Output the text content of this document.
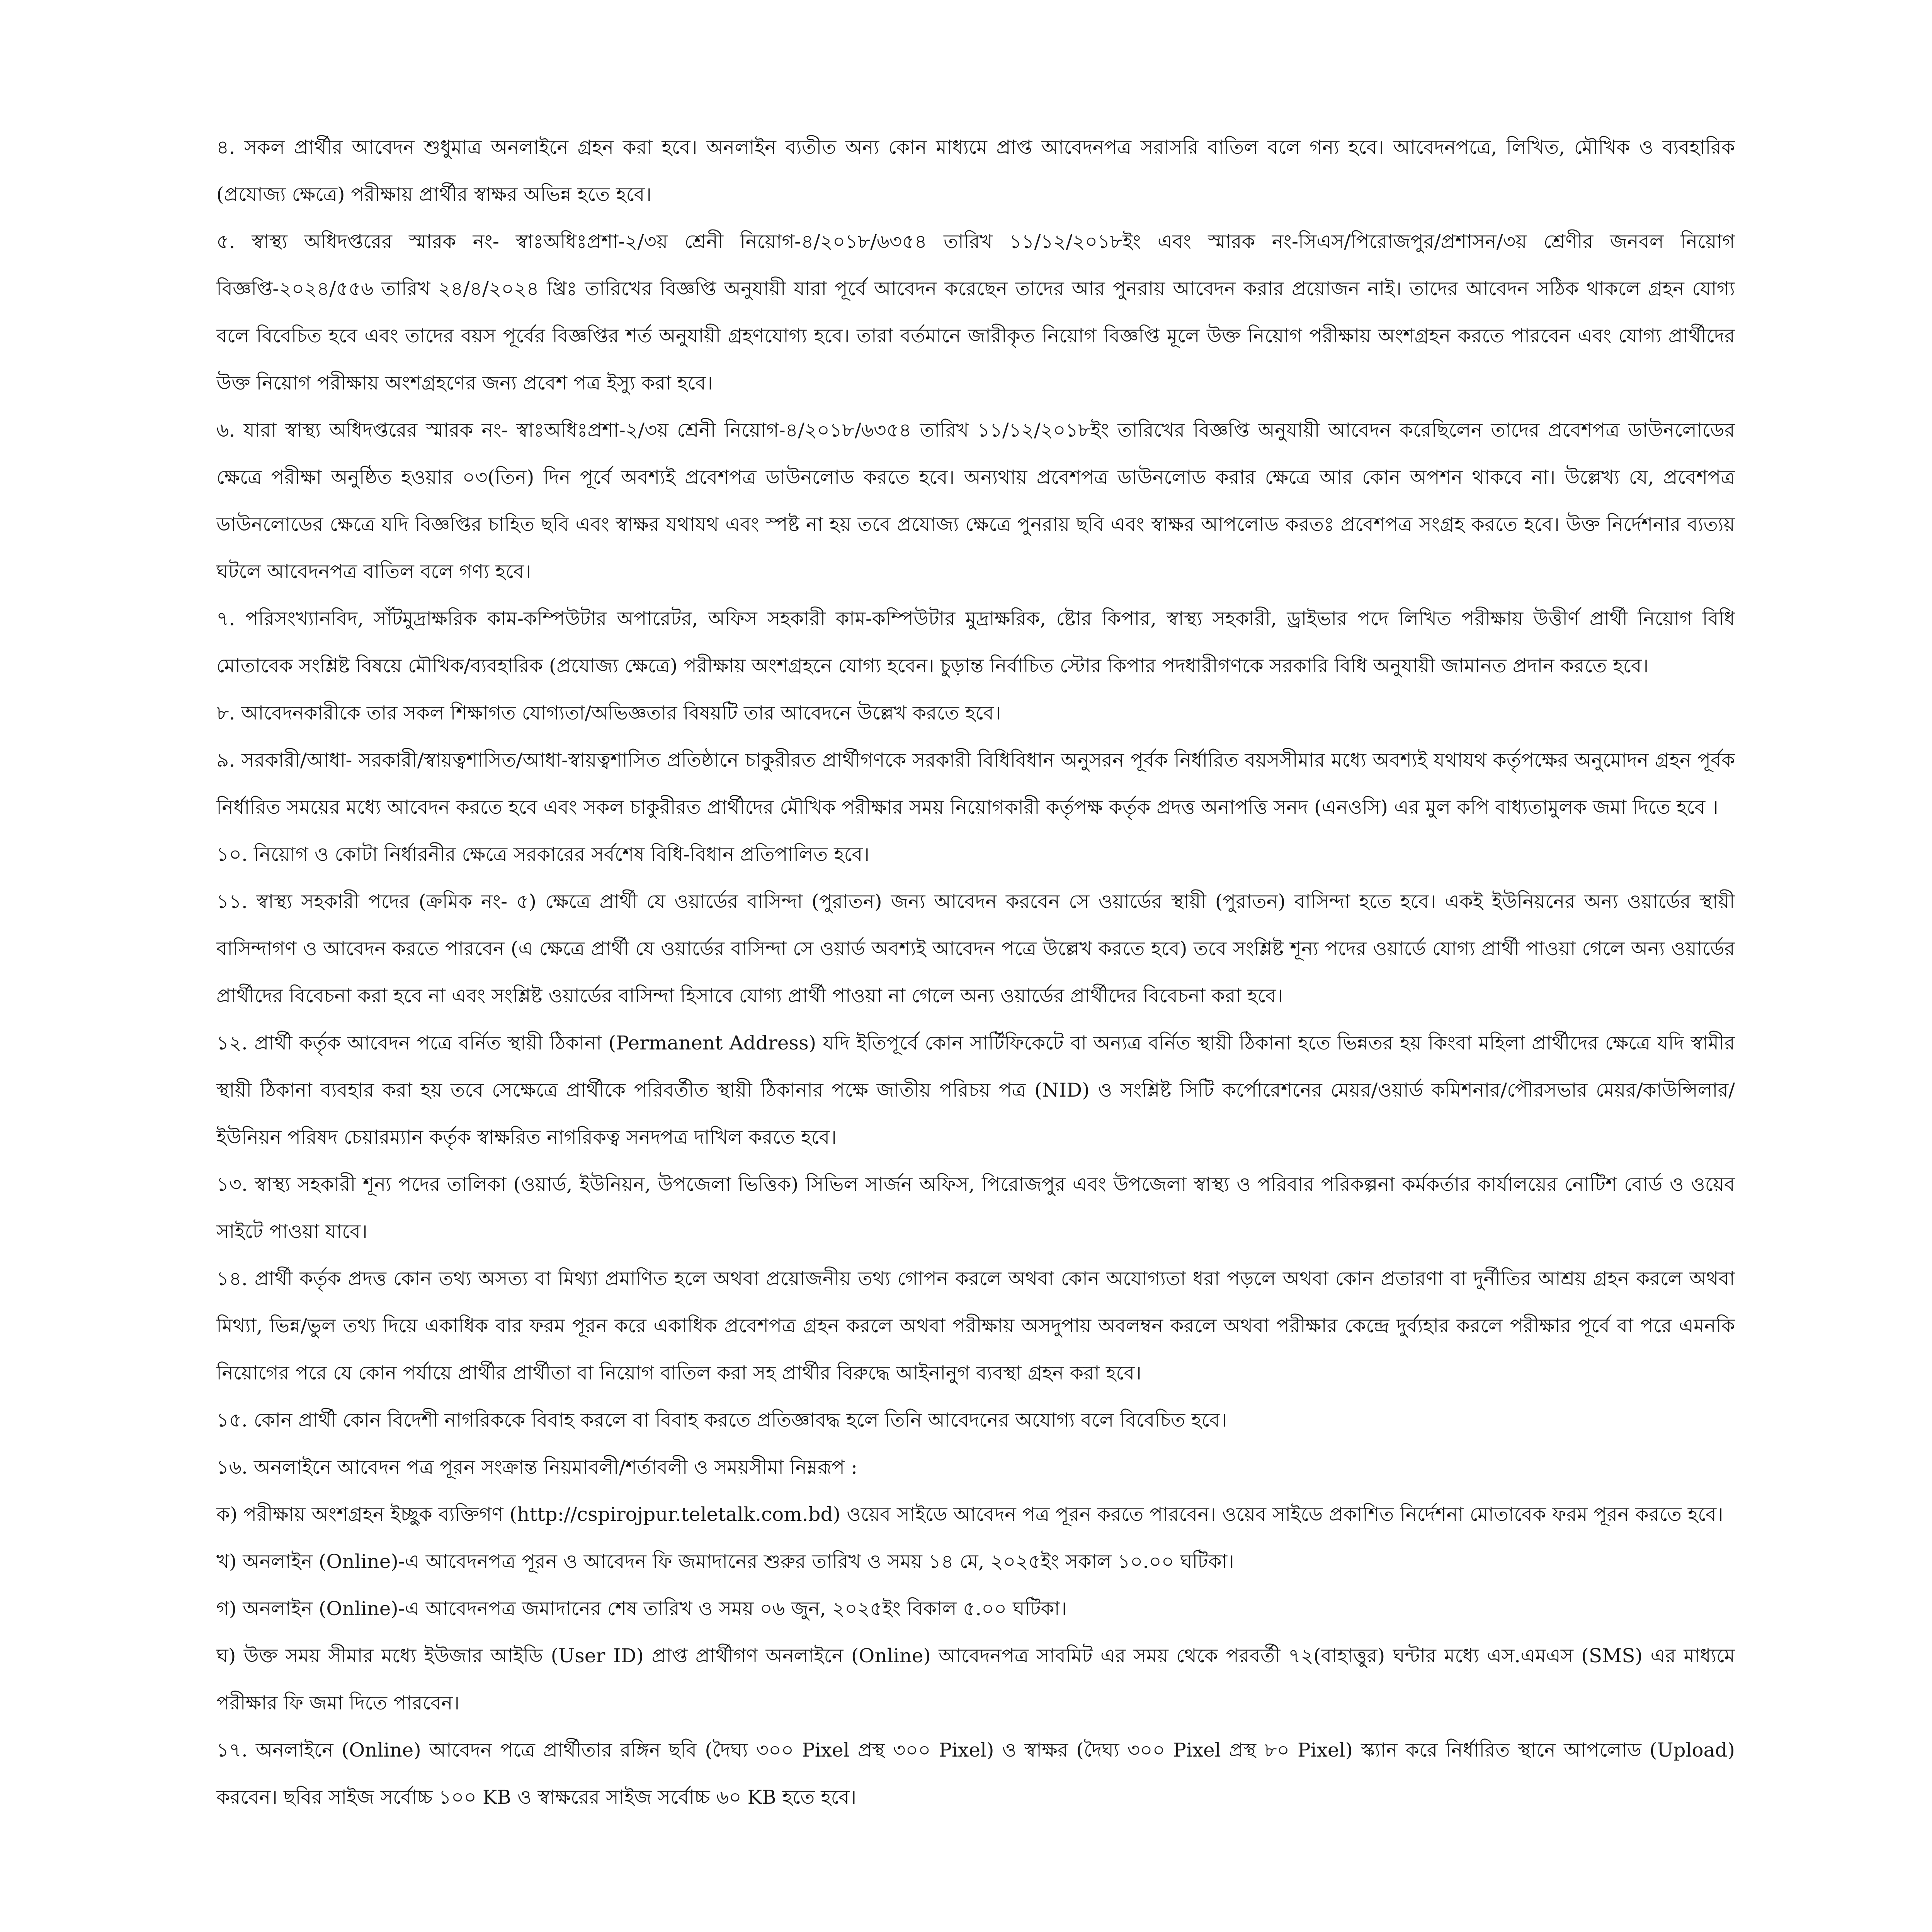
৪. সকল প্রার্থীর আবেদন শুধুমাত্র অনলাইনে গ্রহন করা হবে। অনলাইন ব্যতীত অন্য কোন মাধ্যমে প্রাপ্ত আবেদনপত্র সরাসরি বাতিল বলে গন্য হবে। আবেদনপত্রে, লিখিত, মৌখিক ও ব্যবহারিক (প্রযোজ্য ক্ষেত্রে) পরীক্ষায় প্রার্থীর স্বাক্ষর অভিন্ন হতে হবে।

৫. স্বাস্থ্য অধিদপ্তরের স্মারক নং- স্বাঃঅধিঃপ্রশা-২/৩য় শ্রেনী নিয়োগ-৪/২০১৮/৬৩৫৪ তারিখ ১১/১২/২০১৮ইং এবং স্মারক নং-সিএস/পিরোজপুর/প্রশাসন/৩য় শ্রেণীর জনবল নিয়োগ বিজ্ঞপ্তি-২০২৪/৫৫৬ তারিখ ২৪/৪/২০২৪ খ্রিঃ তারিখের বিজ্ঞপ্তি অনুযায়ী যারা পূর্বে আবেদন করেছেন তাদের আর পুনরায় আবেদন করার প্রয়োজন নাই। তাদের আবেদন সঠিক থাকলে গ্রহন যোগ্য বলে বিবেচিত হবে এবং তাদের বয়স পূর্বের বিজ্ঞপ্তির শর্ত অনুযায়ী গ্রহণযোগ্য হবে। তারা বর্তমানে জারীকৃত নিয়োগ বিজ্ঞপ্তি মূলে উক্ত নিয়োগ পরীক্ষায় অংশগ্রহন করতে পারবেন এবং যোগ্য প্রার্থীদের উক্ত নিয়োগ পরীক্ষায় অংশগ্রহণের জন্য প্রবেশ পত্র ইস্যু করা হবে।

৬. যারা স্বাস্থ্য অধিদপ্তরের স্মারক নং- স্বাঃঅধিঃপ্রশা-২/৩য় শ্রেনী নিয়োগ-৪/২০১৮/৬৩৫৪ তারিখ ১১/১২/২০১৮ইং তারিখের বিজ্ঞপ্তি অনুযায়ী আবেদন করেছিলেন তাদের প্রবেশপত্র ডাউনলোডের ক্ষেত্রে পরীক্ষা অনুষ্ঠিত হওয়ার ০৩(তিন) দিন পূর্বে অবশ্যই প্রবেশপত্র ডাউনলোড করতে হবে। অন্যথায় প্রবেশপত্র ডাউনলোড করার ক্ষেত্রে আর কোন অপশন থাকবে না। উল্লেখ্য যে, প্রবেশপত্র ডাউনলোডের ক্ষেত্রে যদি বিজ্ঞপ্তির চাহিত ছবি এবং স্বাক্ষর যথাযথ এবং স্পষ্ট না হয় তবে প্রযোজ্য ক্ষেত্রে পুনরায় ছবি এবং স্বাক্ষর আপলোড করতঃ প্রবেশপত্র সংগ্রহ করতে হবে। উক্ত নির্দেশনার ব্যত্যয় ঘটলে আবেদনপত্র বাতিল বলে গণ্য হবে।

৭. পরিসংখ্যানবিদ, সাঁটমুদ্রাক্ষরিক কাম-কম্পিউটার অপারেটর, অফিস সহকারী কাম-কম্পিউটার মুদ্রাক্ষরিক, ষ্টোর কিপার, স্বাস্থ্য সহকারী, ড্রাইভার পদে লিখিত পরীক্ষায় উত্তীর্ণ প্রার্থী নিয়োগ বিধি মোতাবেক সংশ্লিষ্ট বিষয়ে মৌখিক/ব্যবহারিক (প্রযোজ্য ক্ষেত্রে) পরীক্ষায় অংশগ্রহনে যোগ্য হবেন। চুড়ান্ত নির্বাচিত স্টোর কিপার পদধারীগণকে সরকারি বিধি অনুযায়ী জামানত প্রদান করতে হবে।

৮. আবেদনকারীকে তার সকল শিক্ষাগত যোগ্যতা/অভিজ্ঞতার বিষয়টি তার আবেদনে উল্লেখ করতে হবে।

৯. সরকারী/আধা- সরকারী/স্বায়ত্বশাসিত/আধা-স্বায়ত্বশাসিত প্রতিষ্ঠানে চাকুরীরত প্রার্থীগণকে সরকারী বিধিবিধান অনুসরন পূর্বক নির্ধারিত বয়সসীমার মধ্যে অবশ্যই যথাযথ কর্তৃপক্ষের অনুমোদন গ্রহন পূর্বক নির্ধারিত সময়ের মধ্যে আবেদন করতে হবে এবং সকল চাকুরীরত প্রার্থীদের মৌখিক পরীক্ষার সময় নিয়োগকারী কর্তৃপক্ষ কর্তৃক প্রদত্ত অনাপত্তি সনদ (এনওসি) এর মুল কপি বাধ্যতামুলক জমা দিতে হবে ।

১০. নিয়োগ ও কোটা নির্ধারনীর ক্ষেত্রে সরকারের সর্বশেষ বিধি-বিধান প্রতিপালিত হবে।

১১. স্বাস্থ্য সহকারী পদের (ক্রমিক নং- ৫) ক্ষেত্রে প্রার্থী যে ওয়ার্ডের বাসিন্দা (পুরাতন) জন্য আবেদন করবেন সে ওয়ার্ডের স্থায়ী (পুরাতন) বাসিন্দা হতে হবে। একই ইউনিয়নের অন্য ওয়ার্ডের স্থায়ী বাসিন্দাগণ ও আবেদন করতে পারবেন (এ ক্ষেত্রে প্রার্থী যে ওয়ার্ডের বাসিন্দা সে ওয়ার্ড অবশ্যই আবেদন পত্রে উল্লেখ করতে হবে) তবে সংশ্লিষ্ট শূন্য পদের ওয়ার্ডে যোগ্য প্রার্থী পাওয়া গেলে অন্য ওয়ার্ডের প্রার্থীদের বিবেচনা করা হবে না এবং সংশ্লিষ্ট ওয়ার্ডের বাসিন্দা হিসাবে যোগ্য প্রার্থী পাওয়া না গেলে অন্য ওয়ার্ডের প্রার্থীদের বিবেচনা করা হবে।

১২. প্রার্থী কর্তৃক আবেদন পত্রে বর্নিত স্থায়ী ঠিকানা (Permanent Address) যদি ইতিপূর্বে কোন সার্টিফিকেটে বা অন্যত্র বর্নিত স্থায়ী ঠিকানা হতে ভিন্নতর হয় কিংবা মহিলা প্রার্থীদের ক্ষেত্রে যদি স্বামীর স্থায়ী ঠিকানা ব্যবহার করা হয় তবে সেক্ষেত্রে প্রার্থীকে পরিবর্তীত স্থায়ী ঠিকানার পক্ষে জাতীয় পরিচয় পত্র (NID) ও সংশ্লিষ্ট সিটি কর্পোরেশনের মেয়র/ওয়ার্ড কমিশনার/পৌরসভার মেয়র/কাউন্সিলার/ইউনিয়ন পরিষদ চেয়ারম্যান কর্তৃক স্বাক্ষরিত নাগরিকত্ব সনদপত্র দাখিল করতে হবে।

১৩. স্বাস্থ্য সহকারী শূন্য পদের তালিকা (ওয়ার্ড, ইউনিয়ন, উপজেলা ভিত্তিক) সিভিল সার্জন অফিস, পিরোজপুর এবং উপজেলা স্বাস্থ্য ও পরিবার পরিকল্পনা কর্মকর্তার কার্যালয়ের নোটিশ বোর্ড ও ওয়েব সাইটে পাওয়া যাবে।

১৪. প্রার্থী কর্তৃক প্রদত্ত কোন তথ্য অসত্য বা মিথ্যা প্রমাণিত হলে অথবা প্রয়োজনীয় তথ্য গোপন করলে অথবা কোন অযোগ্যতা ধরা পড়লে অথবা কোন প্রতারণা বা দুর্নীতির আশ্রয় গ্রহন করলে অথবা মিথ্যা, ভিন্ন/ভুল তথ্য দিয়ে একাধিক বার ফরম পূরন করে একাধিক প্রবেশপত্র গ্রহন করলে অথবা পরীক্ষায় অসদুপায় অবলম্বন করলে অথবা পরীক্ষার কেন্দ্রে দুর্ব্যহার করলে পরীক্ষার পূর্বে বা পরে এমনকি নিয়োগের পরে যে কোন পর্যায়ে প্রার্থীর প্রার্থীতা বা নিয়োগ বাতিল করা সহ প্রার্থীর বিরুদ্ধে আইনানুগ ব্যবস্থা গ্রহন করা হবে।

১৫. কোন প্রার্থী কোন বিদেশী নাগরিককে বিবাহ করলে বা বিবাহ করতে প্রতিজ্ঞাবদ্ধ হলে তিনি আবেদনের অযোগ্য বলে বিবেচিত হবে।

১৬. অনলাইনে আবেদন পত্র পূরন সংক্রান্ত নিয়মাবলী/শর্তাবলী ও সময়সীমা নিম্নরূপ :

ক) পরীক্ষায় অংশগ্রহন ইচ্ছুক ব্যক্তিগণ (http://cspirojpur.teletalk.com.bd) ওয়েব সাইডে আবেদন পত্র পূরন করতে পারবেন। ওয়েব সাইডে প্রকাশিত নির্দেশনা মোতাবেক ফরম পূরন করতে হবে।

খ) অনলাইন (Online)-এ আবেদনপত্র পূরন ও আবেদন ফি জমাদানের শুরুর তারিখ ও সময় ১৪ মে, ২০২৫ইং সকাল ১০.০০ ঘটিকা।

গ) অনলাইন (Online)-এ আবেদনপত্র জমাদানের শেষ তারিখ ও সময় ০৬ জুন, ২০২৫ইং বিকাল ৫.০০ ঘটিকা।

ঘ) উক্ত সময় সীমার মধ্যে ইউজার আইডি (User ID) প্রাপ্ত প্রার্থীগণ অনলাইনে (Online) আবেদনপত্র সাবমিট এর সময় থেকে পরবর্তী ৭২(বাহাত্তুর) ঘন্টার মধ্যে এস.এমএস (SMS) এর মাধ্যমে পরীক্ষার ফি জমা দিতে পারবেন।

১৭. অনলাইনে (Online) আবেদন পত্রে প্রার্থীতার রঙ্গিন ছবি (দৈঘ্য ৩০০ Pixel প্রস্থ ৩০০ Pixel) ও স্বাক্ষর (দৈঘ্য ৩০০ Pixel প্রস্থ ৮০ Pixel) স্ক্যান করে নির্ধারিত স্থানে আপলোড (Upload) করবেন। ছবির সাইজ সর্বোচ্চ ১০০ KB ও স্বাক্ষরের সাইজ সর্বোচ্চ ৬০ KB হতে হবে।
